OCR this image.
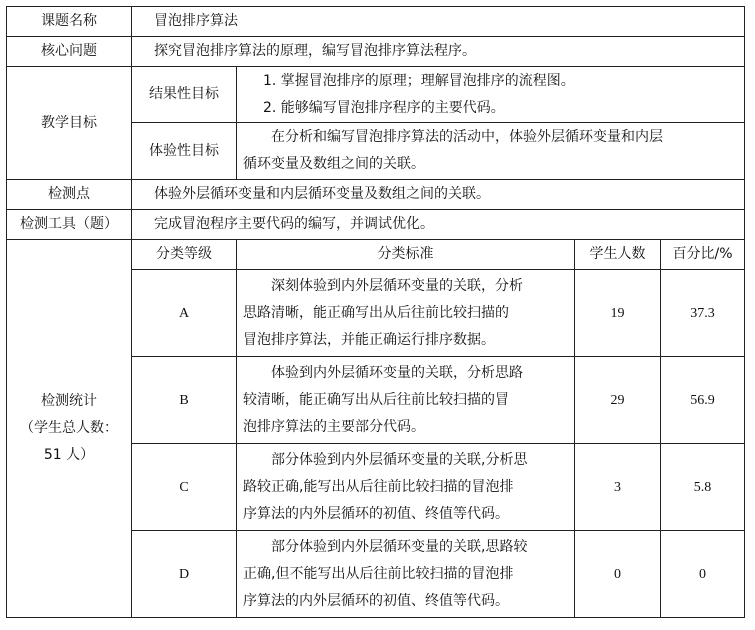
课题名称	冒泡排序算法			
核心问题	探究冒泡排序算法的原理，编写冒泡排序算法程序。			
教学目标	结果性目标	1. 掌握冒泡排序的原理；理解冒泡排序的流程图。
2. 能够编写冒泡排序程序的主要代码。		

	体验性目标	在分析和编写冒泡排序算法的活动中，体验外层循环变量和内层
循环变量及数组之间的关联。		

检测点	体验外层循环变量和内层循环变量及数组之间的关联。			
检测工具（题）	完成冒泡程序主要代码的编写，并调试优化。			

检测统计
（学生总人数：
51 人）	分类等级	分类标准	学生人数	百分比/%
	A	深刻体验到内外层循环变量的关联，分析
思路清晰，能正确写出从后往前比较扫描的
冒泡排序算法，并能正确运行排序数据。	19	37.3
	B	体验到内外层循环变量的关联，分析思路
较清晰，能正确写出从后往前比较扫描的冒
泡排序算法的主要部分代码。	29	56.9
	C	部分体验到内外层循环变量的关联,分析思
路较正确,能写出从后往前比较扫描的冒泡排
序算法的内外层循环的初值、终值等代码。	3	5.8
	D	部分体验到内外层循环变量的关联,思路较
正确,但不能写出从后往前比较扫描的冒泡排
序算法的内外层循环的初值、终值等代码。	0	0
